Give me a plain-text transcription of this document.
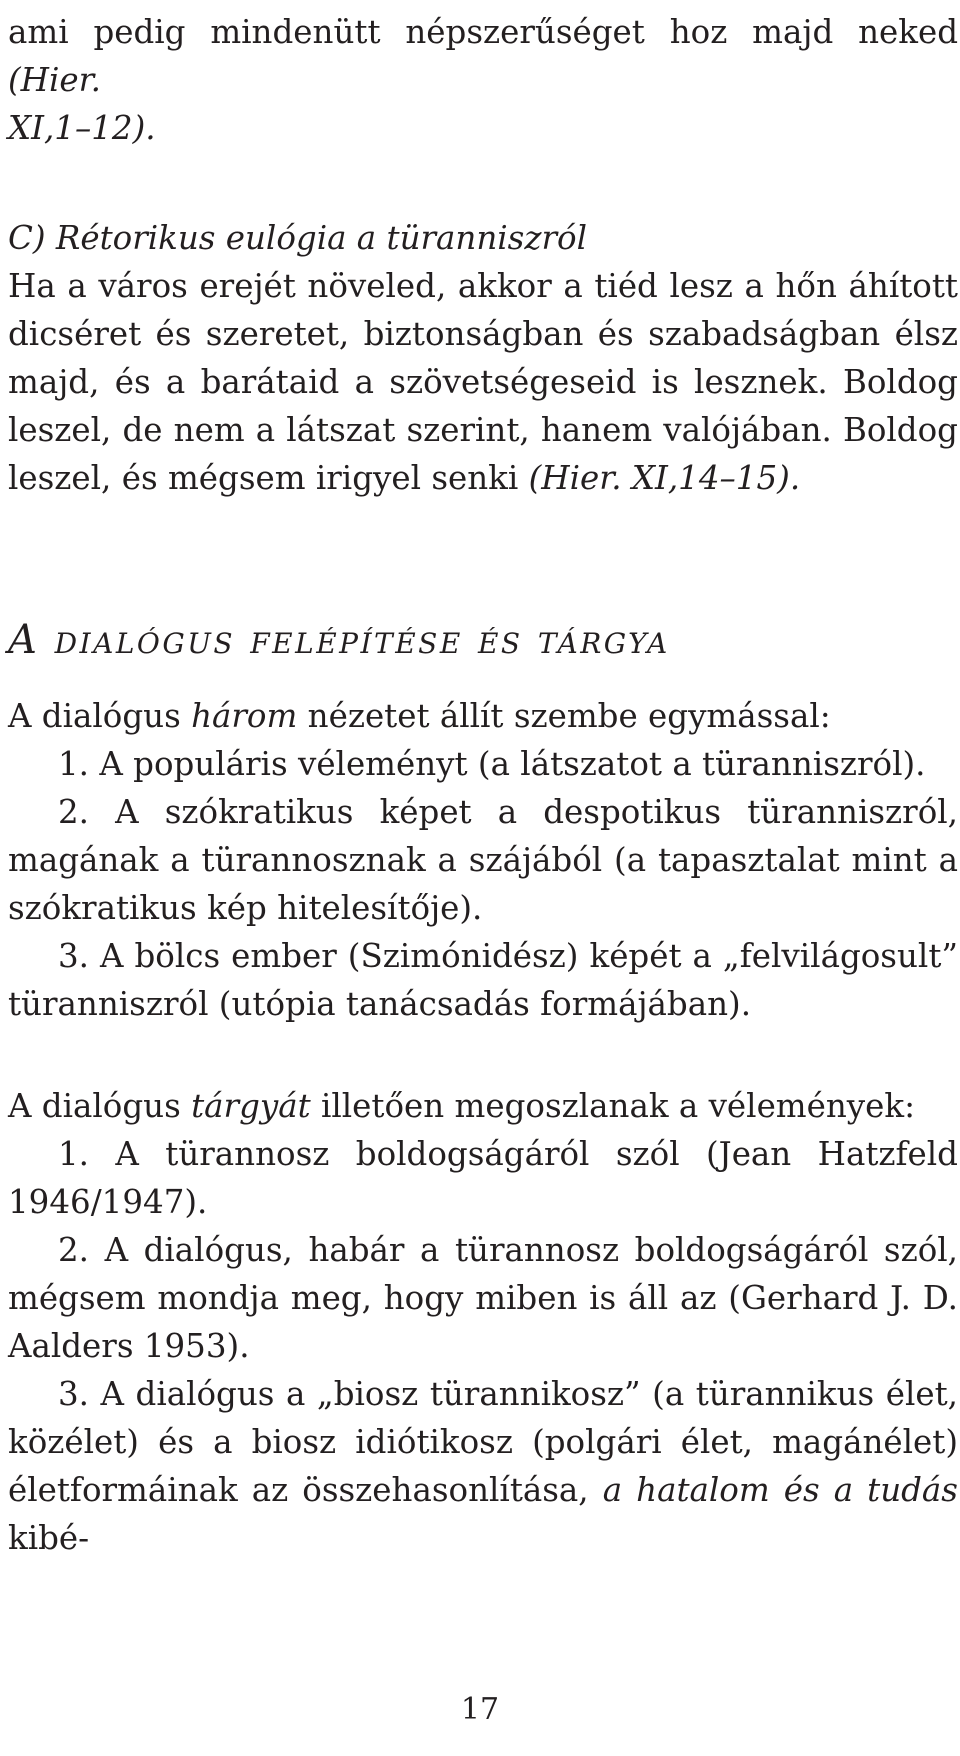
ami pedig mindenütt népszerűséget hoz majd neked (Hier.
XI,1–12).

C) Rétorikus eulógia a türanniszról

Ha a város erejét növeled, akkor a tiéd lesz a hőn áhított dicséret és szeretet, biztonságban és szabadságban élsz majd, és a barátaid a szövetségeseid is lesznek. Boldog leszel, de nem a látszat szerint, hanem valójában. Boldog leszel, és mégsem irigyel senki (Hier. XI,14–15).

A dialógus felépítése és tárgya

A dialógus három nézetet állít szembe egymással:

1. A populáris véleményt (a látszatot a türanniszról).

2. A szókratikus képet a despotikus türanniszról, magának a türannosznak a szájából (a tapasztalat mint a szókratikus kép hitelesítője).

3. A bölcs ember (Szimónidész) képét a „felvilágosult” türanniszról (utópia tanácsadás formájában).

A dialógus tárgyát illetően megoszlanak a vélemények:

1. A türannosz boldogságáról szól (Jean Hatzfeld 1946/1947).

2. A dialógus, habár a türannosz boldogságáról szól, mégsem mondja meg, hogy miben is áll az (Gerhard J. D. Aalders 1953).

3. A dialógus a „biosz türannikosz” (a türannikus élet, közélet) és a biosz idiótikosz (polgári élet, magánélet) életformáinak az összehasonlítása, a hatalom és a tudás kibé-

17
